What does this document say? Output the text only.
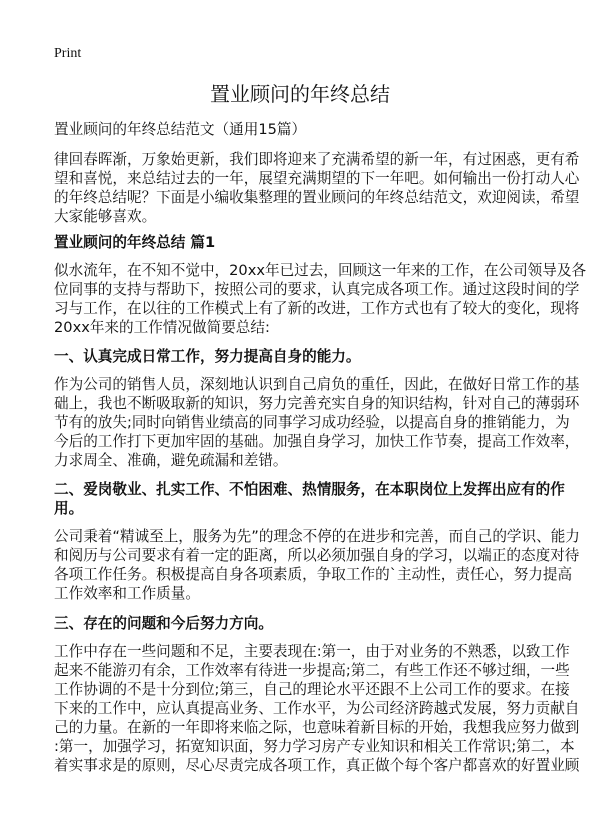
Print
置业顾问的年终总结
置业顾问的年终总结范文（通用15篇）
律回春晖渐，万象始更新，我们即将迎来了充满希望的新一年，有过困惑，更有希
望和喜悦，来总结过去的一年，展望充满期望的下一年吧。如何输出一份打动人心
的年终总结呢？下面是小编收集整理的置业顾问的年终总结范文，欢迎阅读，希望
大家能够喜欢。
置业顾问的年终总结 篇1
似水流年，在不知不觉中，20xx年已过去，回顾这一年来的工作，在公司领导及各
位同事的支持与帮助下，按照公司的要求，认真完成各项工作。通过这段时间的学
习与工作，在以往的工作模式上有了新的改进，工作方式也有了较大的变化，现将
20xx年来的工作情况做简要总结:
一、认真完成日常工作，努力提高自身的能力。
作为公司的销售人员，深刻地认识到自己肩负的重任，因此，在做好日常工作的基
础上，我也不断吸取新的知识，努力完善充实自身的知识结构，针对自己的薄弱环
节有的放失;同时向销售业绩高的同事学习成功经验，以提高自身的推销能力，为
今后的工作打下更加牢固的基础。加强自身学习，加快工作节奏，提高工作效率，
力求周全、准确，避免疏漏和差错。
二、爱岗敬业、扎实工作、不怕困难、热情服务，在本职岗位上发挥出应有的作
用。
公司秉着“精诚至上，服务为先”的理念不停的在进步和完善，而自己的学识、能力
和阅历与公司要求有着一定的距离，所以必须加强自身的学习，以端正的态度对待
各项工作任务。积极提高自身各项素质，争取工作的`主动性，责任心，努力提高
工作效率和工作质量。
三、存在的问题和今后努力方向。
工作中存在一些问题和不足，主要表现在:第一，由于对业务的不熟悉，以致工作
起来不能游刃有余，工作效率有待进一步提高;第二，有些工作还不够过细，一些
工作协调的不是十分到位;第三，自己的理论水平还跟不上公司工作的要求。在接
下来的工作中，应认真提高业务、工作水平，为公司经济跨越式发展，努力贡献自
己的力量。在新的一年即将来临之际，也意味着新目标的开始，我想我应努力做到
:第一，加强学习，拓宽知识面，努力学习房产专业知识和相关工作常识;第二，本
着实事求是的原则，尽心尽责完成各项工作，真正做个每个客户都喜欢的好置业顾
